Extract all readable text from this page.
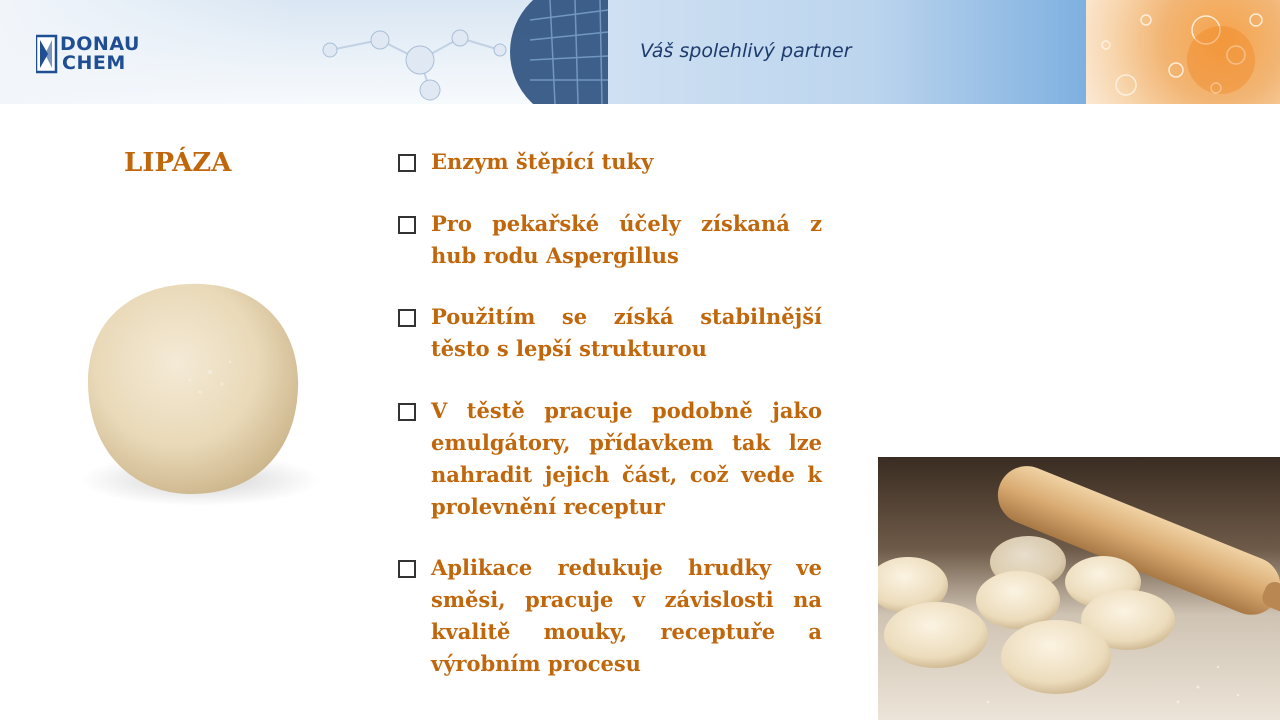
DONAU
CHEM
Váš spolehlivý partner
LIPÁZA	Enzym štěpící tuky
Pro pekařské účely získaná z hub rodu Aspergillus
Použitím se získá stabilnější těsto s lepší strukturou
V těstě pracuje podobně jako emulgátory, přídavkem tak lze nahradit jejich část, což vede k prolevnění receptur
Aplikace redukuje hrudky ve směsi, pracuje v závislosti na kvalitě mouky, receptuře a výrobním procesu
